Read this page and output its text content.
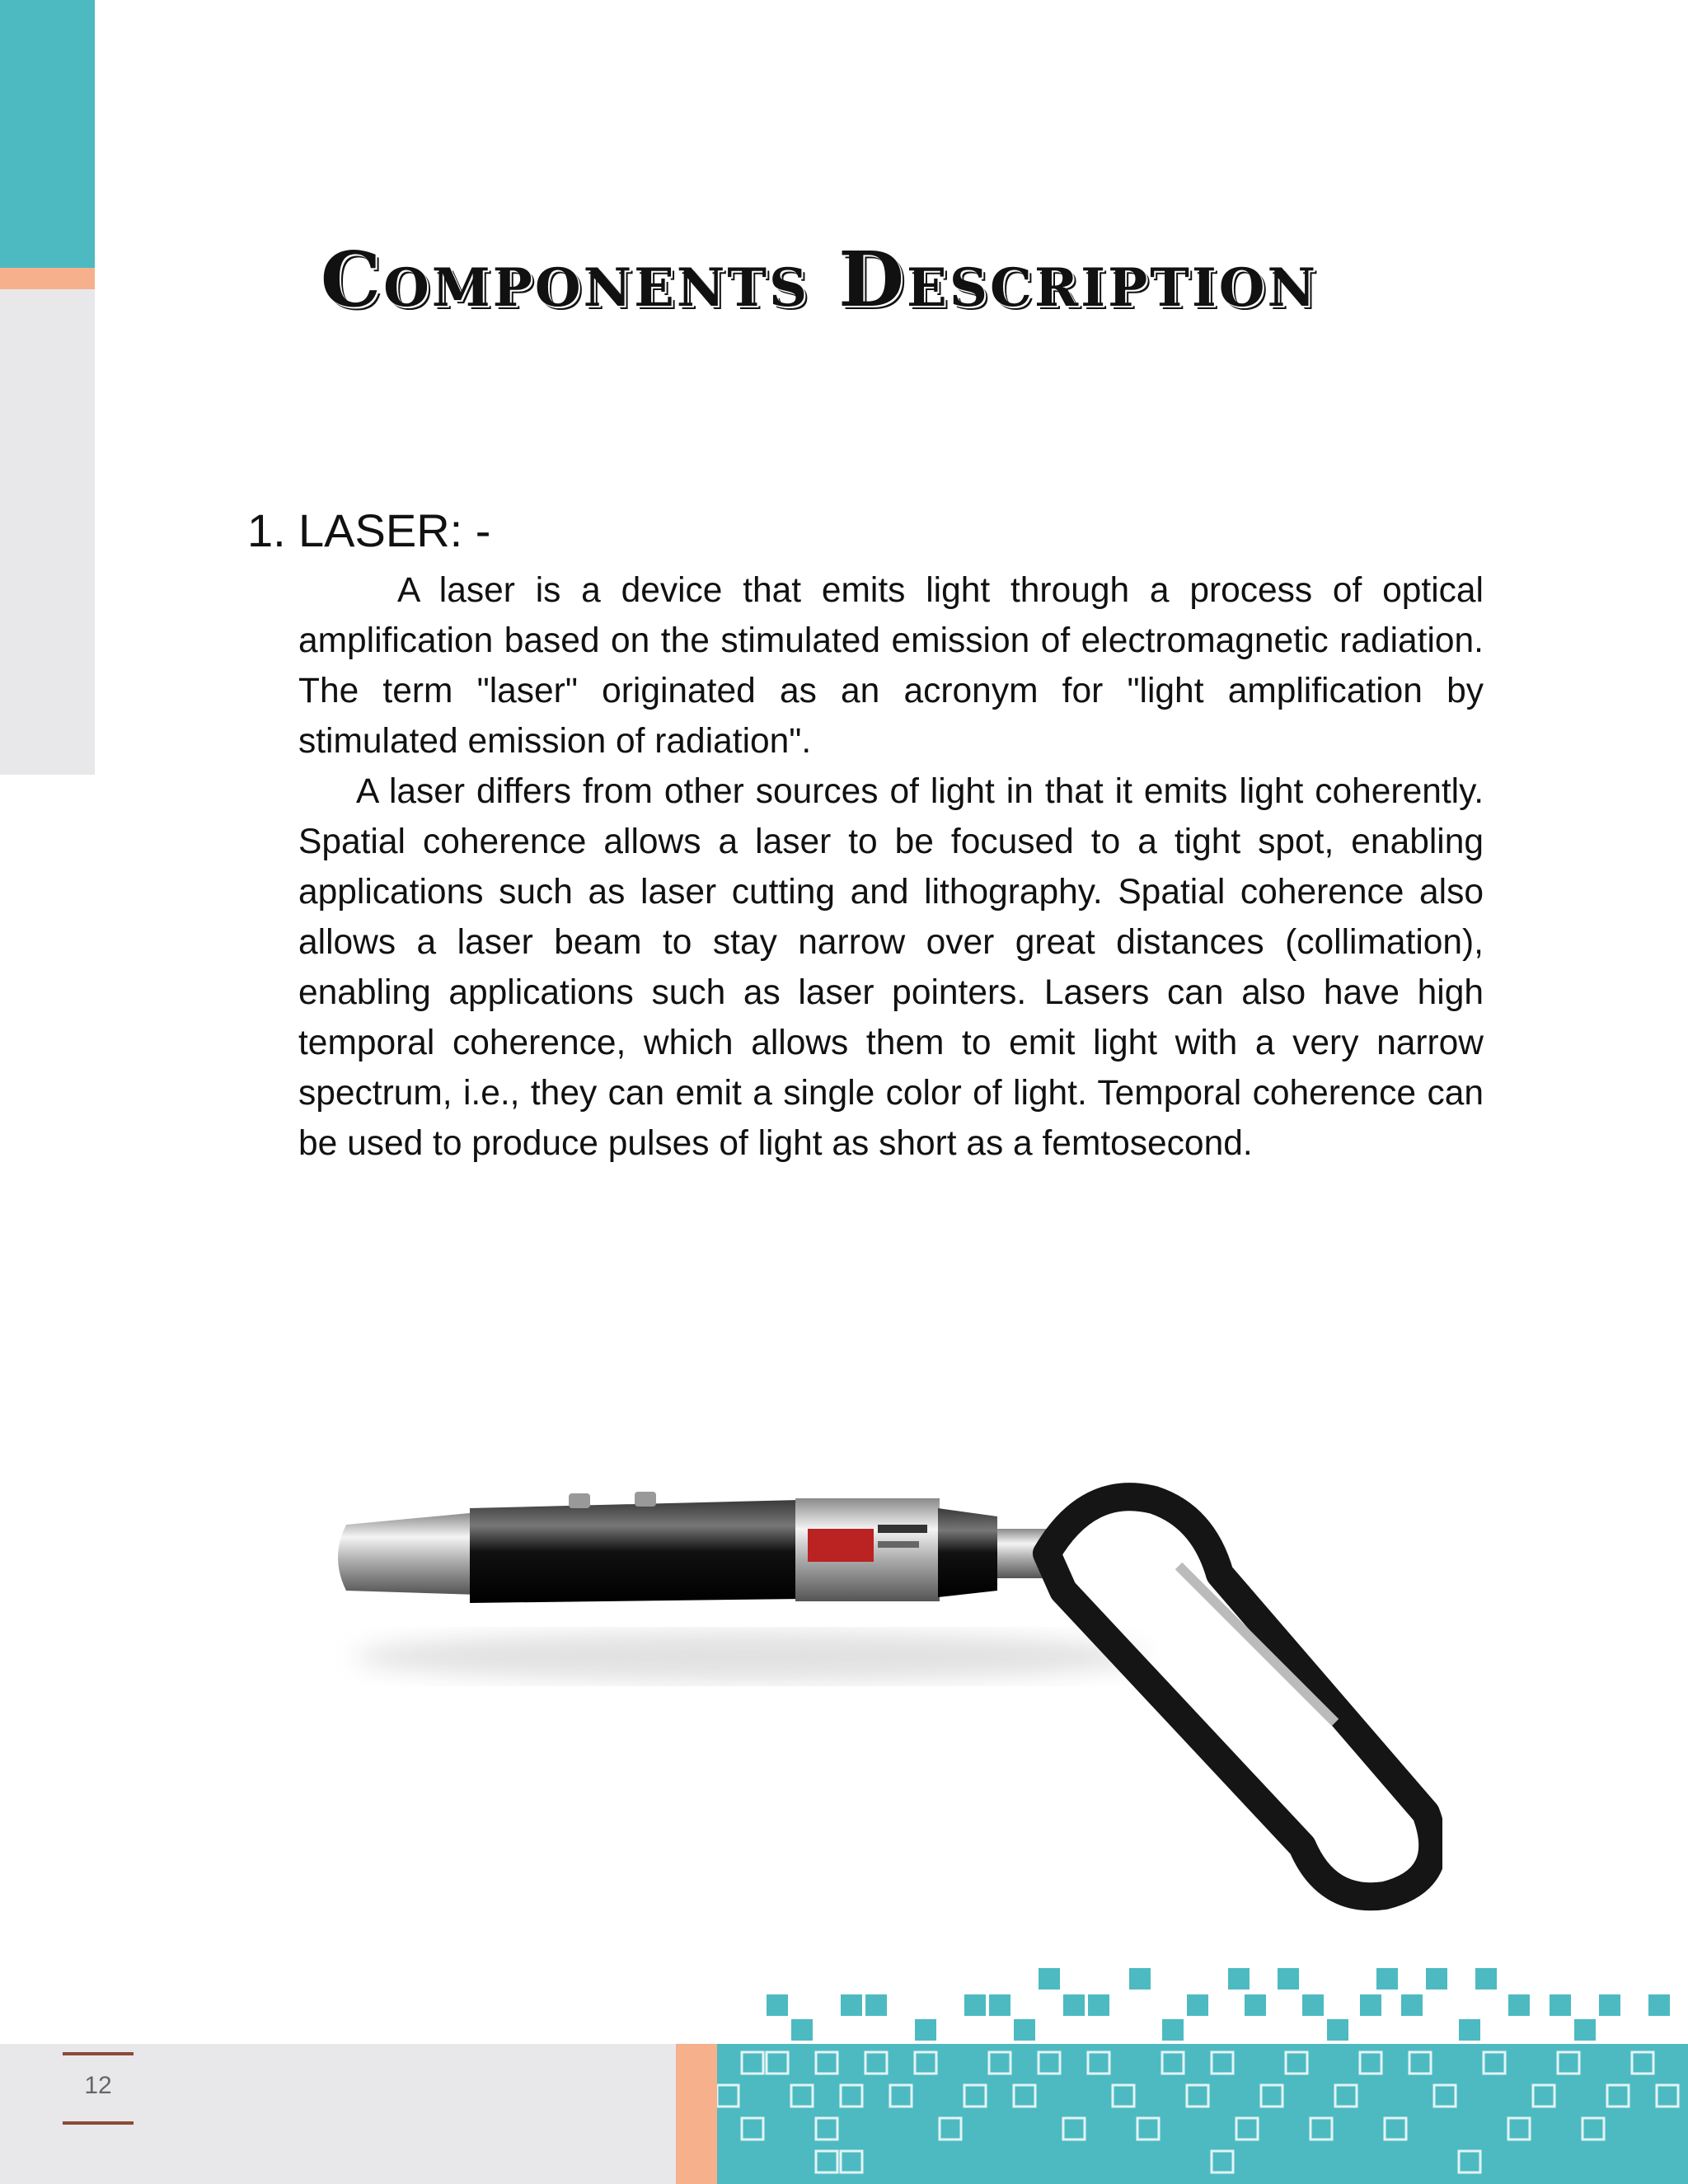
Components Description
1. LASER: -

A laser is a device that emits light through a process of optical amplification based on the stimulated emission of electromagnetic radiation. The term "laser" originated as an acronym for "light amplification by stimulated emission of radiation".

A laser differs from other sources of light in that it emits light coherently. Spatial coherence allows a laser to be focused to a tight spot, enabling applications such as laser cutting and lithography. Spatial coherence also allows a laser beam to stay narrow over great distances (collimation), enabling applications such as laser pointers. Lasers can also have high temporal coherence, which allows them to emit light with a very narrow spectrum, i.e., they can emit a single color of light. Temporal coherence can be used to produce pulses of light as short as a femtosecond.

12
